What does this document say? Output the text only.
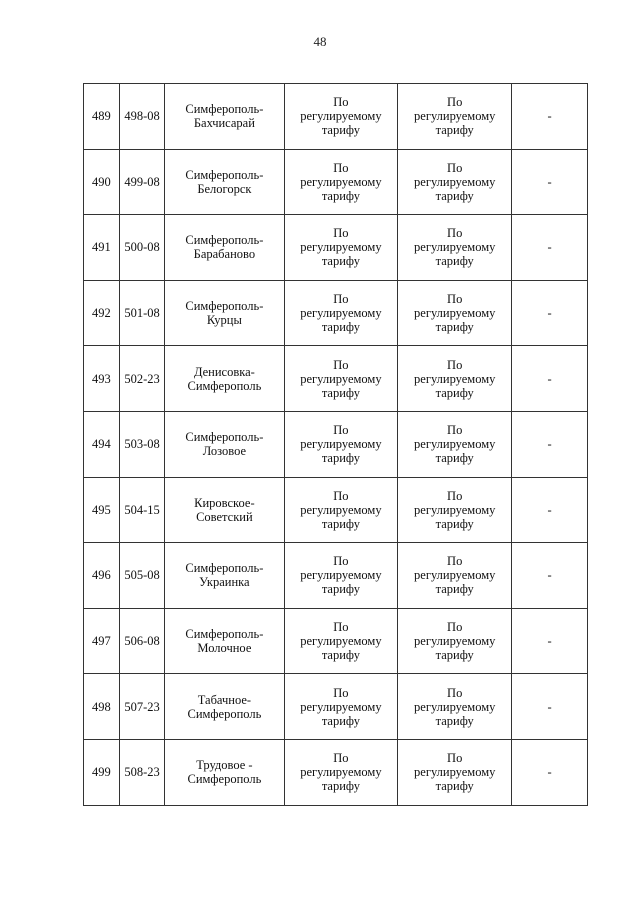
48
489	498-08	Симферополь-
Бахчисарай	По
регулируемому
тарифу	По
регулируемому
тарифу	-

490	499-08	Симферополь-
Белогорск	По
регулируемому
тарифу	По
регулируемому
тарифу	-

491	500-08	Симферополь-
Барабаново	По
регулируемому
тарифу	По
регулируемому
тарифу	-

492	501-08	Симферополь-
Курцы	По
регулируемому
тарифу	По
регулируемому
тарифу	-

493	502-23	Денисовка-
Симферополь	По
регулируемому
тарифу	По
регулируемому
тарифу	-

494	503-08	Симферополь-
Лозовое	По
регулируемому
тарифу	По
регулируемому
тарифу	-

495	504-15	Кировское-
Советский	По
регулируемому
тарифу	По
регулируемому
тарифу	-

496	505-08	Симферополь-
Украинка	По
регулируемому
тарифу	По
регулируемому
тарифу	-

497	506-08	Симферополь-
Молочное	По
регулируемому
тарифу	По
регулируемому
тарифу	-

498	507-23	Табачное-
Симферополь	По
регулируемому
тарифу	По
регулируемому
тарифу	-

499	508-23	Трудовое -
Симферополь	По
регулируемому
тарифу	По
регулируемому
тарифу	-
